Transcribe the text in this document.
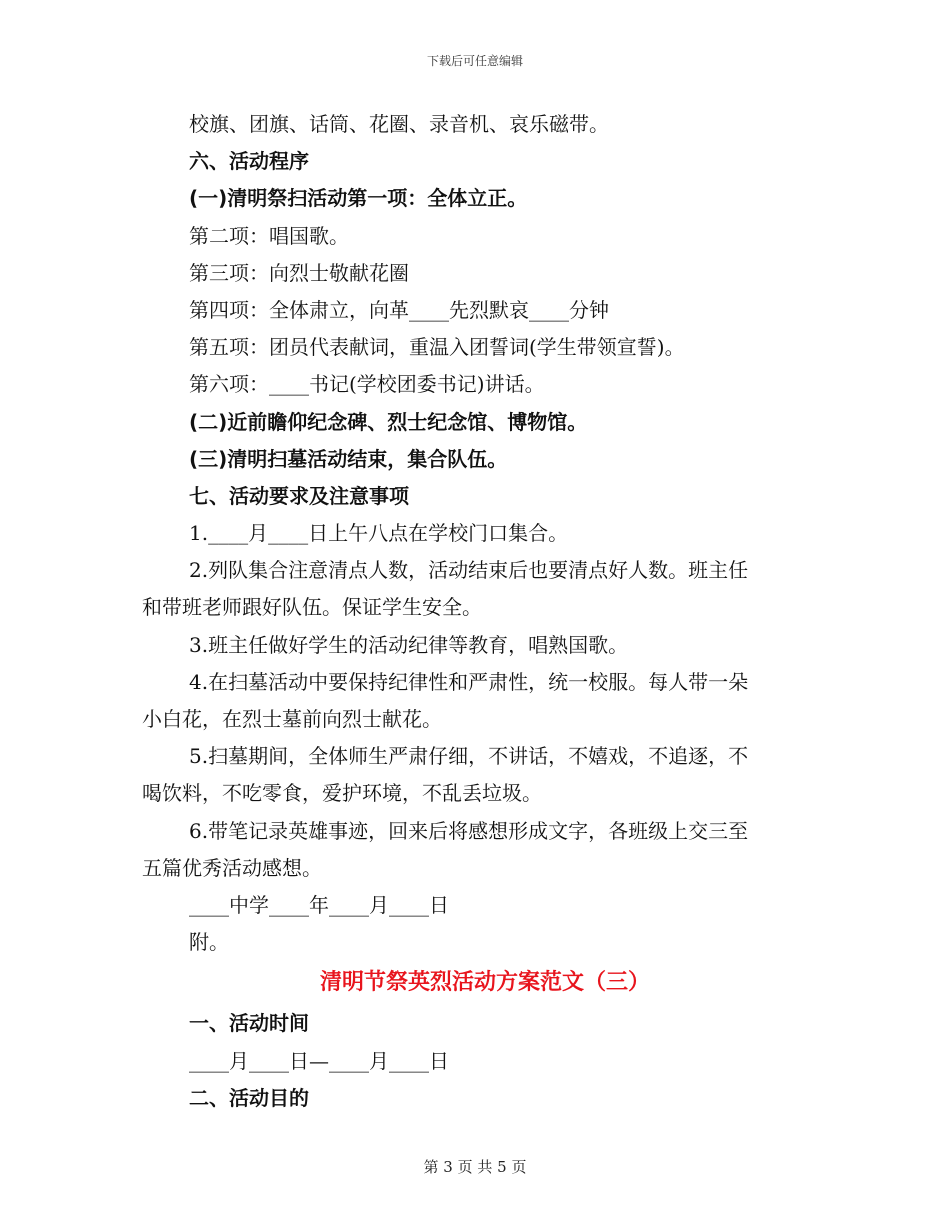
下载后可任意编辑
校旗、团旗、话筒、花圈、录音机、哀乐磁带。
六、活动程序
(一)清明祭扫活动第一项：全体立正。
第二项：唱国歌。
第三项：向烈士敬献花圈
第四项：全体肃立，向革____先烈默哀____分钟
第五项：团员代表献词，重温入团誓词(学生带领宣誓)。
第六项：____书记(学校团委书记)讲话。
(二)近前瞻仰纪念碑、烈士纪念馆、博物馆。
(三)清明扫墓活动结束，集合队伍。
七、活动要求及注意事项
1.____月____日上午八点在学校门口集合。
2.列队集合注意清点人数，活动结束后也要清点好人数。班主任
和带班老师跟好队伍。保证学生安全。
3.班主任做好学生的活动纪律等教育，唱熟国歌。
4.在扫墓活动中要保持纪律性和严肃性，统一校服。每人带一朵
小白花，在烈士墓前向烈士献花。
5.扫墓期间，全体师生严肃仔细，不讲话，不嬉戏，不追逐，不
喝饮料，不吃零食，爱护环境，不乱丢垃圾。
6.带笔记录英雄事迹，回来后将感想形成文字，各班级上交三至
五篇优秀活动感想。
____中学____年____月____日
附。
清明节祭英烈活动方案范文（三）
一、活动时间
____月____日—____月____日
二、活动目的
第 3 页 共 5 页
